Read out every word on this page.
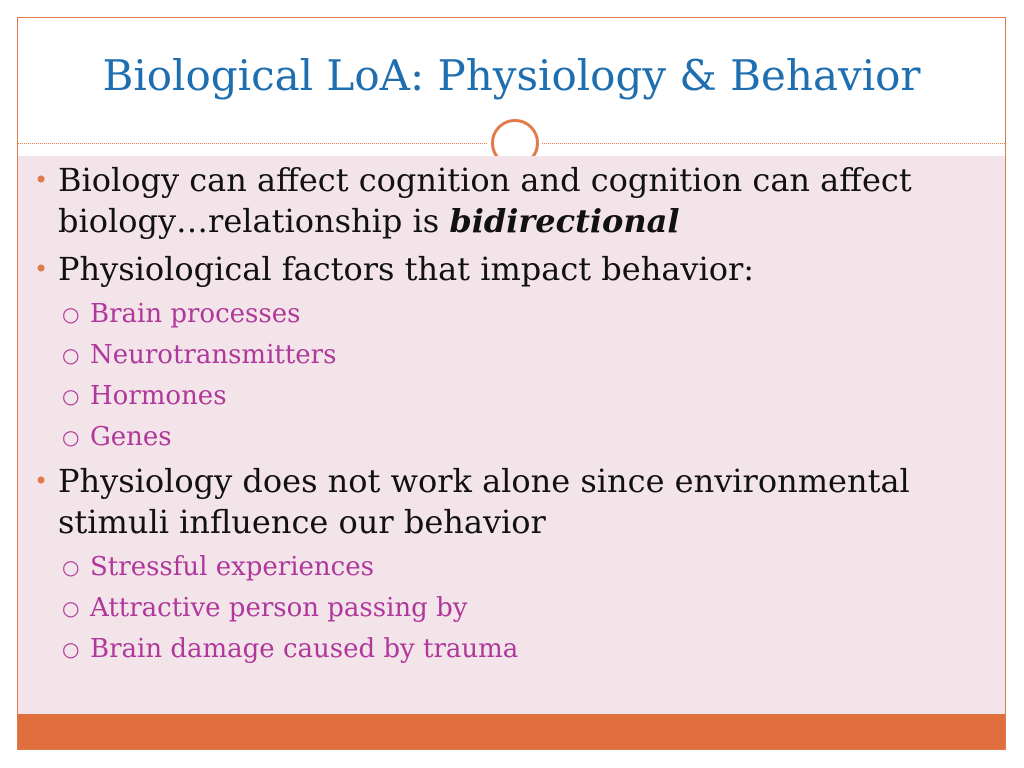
Biological LoA: Physiology & Behavior
• Biology can affect cognition and cognition can affect biology…relationship is bidirectional
• Physiological factors that impact behavior:
○ Brain processes
○ Neurotransmitters
○ Hormones
○ Genes
• Physiology does not work alone since environmental stimuli influence our behavior
○ Stressful experiences
○ Attractive person passing by
○ Brain damage caused by trauma
